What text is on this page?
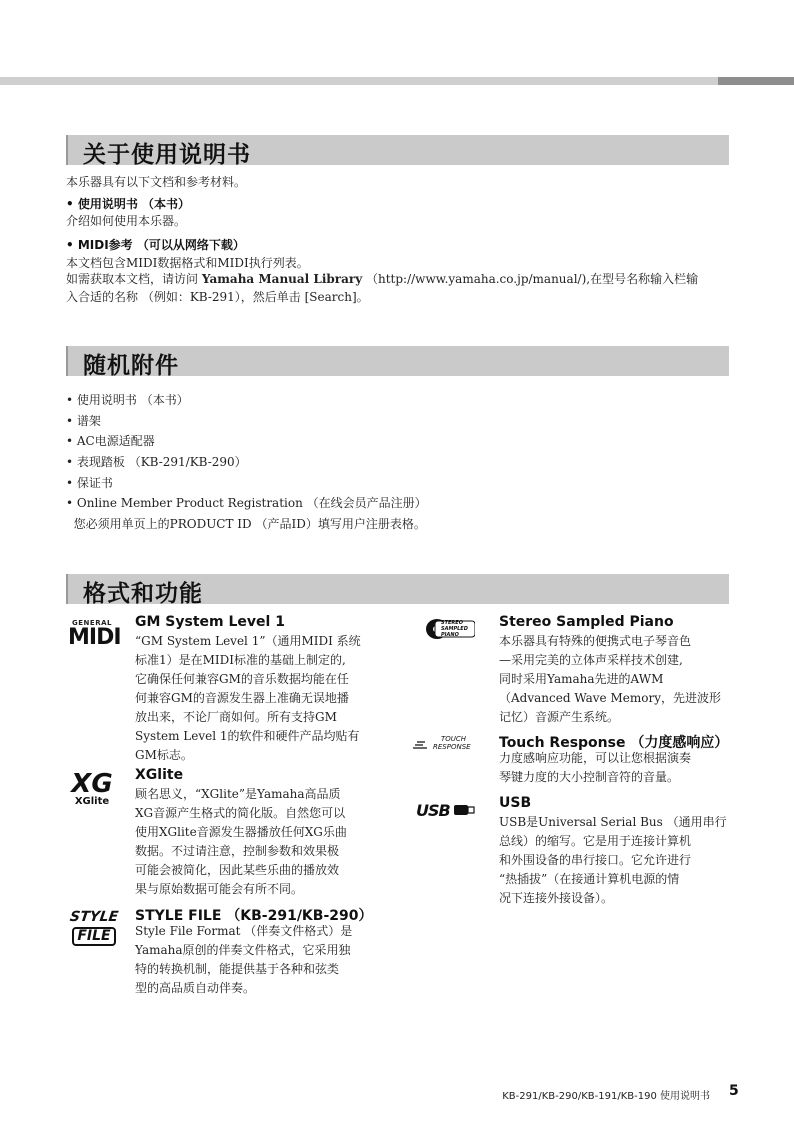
关于使用说明书
本乐器具有以下文档和参考材料。
• 使用说明书 （本书）
介绍如何使用本乐器。
• MIDI参考 （可以从网络下载）
本文档包含MIDI数据格式和MIDI执行列表。
如需获取本文档，请访问 Yamaha Manual Library （http://www.yamaha.co.jp/manual/),在型号名称输入栏输
入合适的名称 （例如：KB-291），然后单击 [Search]。
随机附件
• 使用说明书 （本书）
• 谱架
• AC电源适配器
• 表现踏板 （KB-291/KB-290）
• 保证书
• Online Member Product Registration （在线会员产品注册）
您必须用单页上的PRODUCT ID （产品ID）填写用户注册表格。
格式和功能
GENERAL
MIDI
GM System Level 1
“GM System Level 1”（通用MIDI 系统
标准1）是在MIDI标准的基础上制定的,
它确保任何兼容GM的音乐数据均能在任
何兼容GM的音源发生器上准确无误地播
放出来，不论厂商如何。所有支持GM
System Level 1的软件和硬件产品均贴有
GM标志。
XG
XGlite
XGlite
顾名思义，“XGlite”是Yamaha高品质
XG音源产生格式的简化版。自然您可以
使用XGlite音源发生器播放任何XG乐曲
数据。不过请注意，控制参数和效果极
可能会被简化，因此某些乐曲的播放效
果与原始数据可能会有所不同。
STYLE
FILE
STYLE FILE （KB-291/KB-290）
Style File Format （伴奏文件格式）是
Yamaha原创的伴奏文件格式，它采用独
特的转换机制，能提供基于各种和弦类
型的高品质自动伴奏。
STEREO
SAMPLED
PIANO
Stereo Sampled Piano
本乐器具有特殊的便携式电子琴音色
—采用完美的立体声采样技术创建,
同时采用Yamaha先进的AWM
（Advanced Wave Memory，先进波形
记忆）音源产生系统。
TOUCH
RESPONSE Touch Response （力度感响应）
力度感响应功能，可以让您根据演奏
琴键力度的大小控制音符的音量。
USB	USB
USB是Universal Serial Bus （通用串行
总线）的缩写。它是用于连接计算机
和外围设备的串行接口。它允许进行
“热插拔”（在接通计算机电源的情
况下连接外接设备）。
KB-291/KB-290/KB-191/KB-190 使用说明书 5
